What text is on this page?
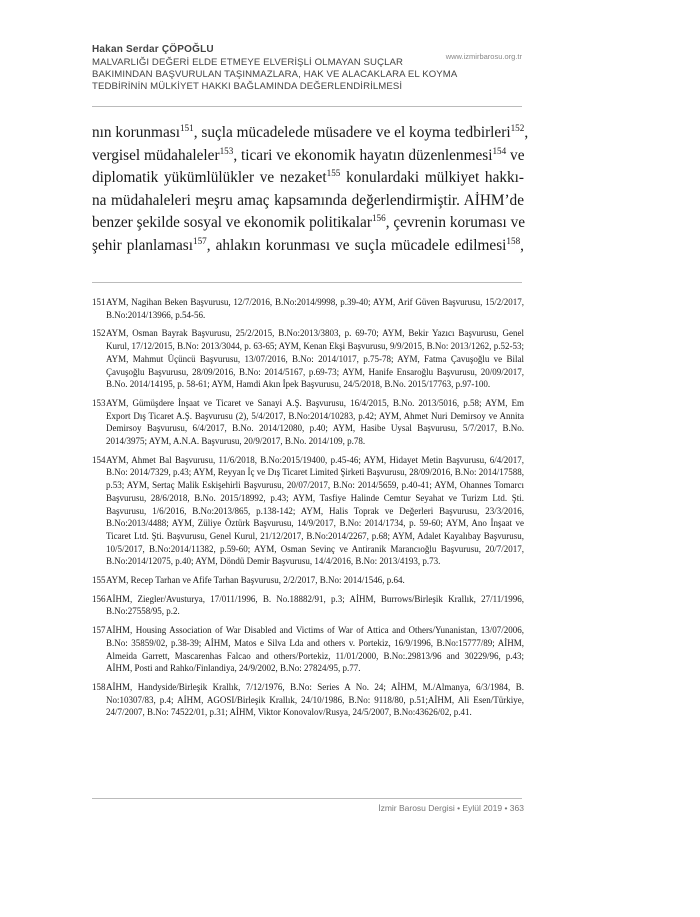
Hakan Serdar ÇÖPOĞLU
www.izmirbarosu.org.tr
MALVARLIĞI DEĞERİ ELDE ETMEYE ELVERİŞLİ OLMAYAN SUÇLAR
BAKIMINDAN BAŞVURULAN TAŞINMAZLARA, HAK VE ALACAKLARA EL KOYMA
TEDBİRİNİN MÜLKİYET HAKKI BAĞLAMINDA DEĞERLENDİRİLMESİ
nın korunması$^{151}$, suçla mücadelede müsadere ve el koyma tedbirleri$^{152}$,
vergisel müdahaleler$^{153}$, ticari ve ekonomik hayatın düzenlenmesi$^{154}$ ve
diplomatik yükümlülükler ve nezaket$^{155}$ konulardaki mülkiyet hakkı-
na müdahaleleri meşru amaç kapsamında değerlendirmiştir. AİHM’de
benzer şekilde sosyal ve ekonomik politikalar$^{156}$, çevrenin koruması ve
şehir planlaması$^{157}$, ahlakın korunması ve suçla mücadele edilmesi$^{158}$,
151 AYM, Nagihan Beken Başvurusu, 12/7/2016, B.No:2014/9998, p.39-40; AYM, Arif Güven Başvurusu, 15/2/2017, B.No:2014/13966, p.54-56.
152 AYM, Osman Bayrak Başvurusu, 25/2/2015, B.No:2013/3803, p. 69-70; AYM, Bekir Yazıcı Başvurusu, Genel Kurul, 17/12/2015, B.No: 2013/3044, p. 63-65; AYM, Kenan Ekşi Başvurusu, 9/9/2015, B.No: 2013/1262, p.52-53; AYM, Mahmut Üçüncü Başvurusu, 13/07/2016, B.No: 2014/1017, p.75-78; AYM, Fatma Çavuşoğlu ve Bilal Çavuşoğlu Başvurusu, 28/09/2016, B.No: 2014/5167, p.69-73; AYM, Hanife Ensaroğlu Başvurusu, 20/09/2017, B.No. 2014/14195, p. 58-61; AYM, Hamdi Akın İpek Başvurusu, 24/5/2018, B.No. 2015/17763, p.97-100.
153 AYM, Gümüşdere İnşaat ve Ticaret ve Sanayi A.Ş. Başvurusu, 16/4/2015, B.No. 2013/5016, p.58; AYM, Em Export Dış Ticaret A.Ş. Başvurusu (2), 5/4/2017, B.No:2014/10283, p.42; AYM, Ahmet Nuri Demirsoy ve Annita Demirsoy Başvurusu, 6/4/2017, B.No. 2014/12080, p.40; AYM, Hasibe Uysal Başvurusu, 5/7/2017, B.No. 2014/3975; AYM, A.N.A. Başvurusu, 20/9/2017, B.No. 2014/109, p.78.
154 AYM, Ahmet Bal Başvurusu, 11/6/2018, B.No:2015/19400, p.45-46; AYM, Hidayet Metin Başvurusu, 6/4/2017, B.No: 2014/7329, p.43; AYM, Reyyan İç ve Dış Ticaret Limited Şirketi Başvurusu, 28/09/2016, B.No: 2014/17588, p.53; AYM, Sertaç Malik Eskişehirli Başvurusu, 20/07/2017, B.No: 2014/5659, p.40-41; AYM, Ohannes Tomarcı Başvurusu, 28/6/2018, B.No. 2015/18992, p.43; AYM, Tasfiye Halinde Cemtur Seyahat ve Turizm Ltd. Şti. Başvurusu, 1/6/2016, B.No:2013/865, p.138-142; AYM, Halis Toprak ve Değerleri Başvurusu, 23/3/2016, B.No:2013/4488; AYM, Züliye Öztürk Başvurusu, 14/9/2017, B.No: 2014/1734, p. 59-60; AYM, Ano İnşaat ve Ticaret Ltd. Şti. Başvurusu, Genel Kurul, 21/12/2017, B.No:2014/2267, p.68; AYM, Adalet Kayalıbay Başvurusu, 10/5/2017, B.No:2014/11382, p.59-60; AYM, Osman Sevinç ve Antiranik Marancıoğlu Başvurusu, 20/7/2017, B.No:2014/12075, p.40; AYM, Döndü Demir Başvurusu, 14/4/2016, B.No: 2013/4193, p.73.
155 AYM, Recep Tarhan ve Afife Tarhan Başvurusu, 2/2/2017, B.No: 2014/1546, p.64.
156 AİHM, Ziegler/Avusturya, 17/011/1996, B. No.18882/91, p.3; AİHM, Burrows/Birleşik Krallık, 27/11/1996, B.No:27558/95, p.2.
157 AİHM, Housing Association of War Disabled and Victims of War of Attica and Others/Yunanistan, 13/07/2006, B.No: 35859/02, p.38-39; AİHM, Matos e Silva Lda and others v. Portekiz, 16/9/1996, B.No:15777/89; AİHM, Almeida Garrett, Mascarenhas Falcao and others/Portekiz, 11/01/2000, B.No:.29813/96 and 30229/96, p.43; AİHM, Posti and Rahko/Finlandiya, 24/9/2002, B.No: 27824/95, p.77.
158 AİHM, Handyside/Birleşik Krallık, 7/12/1976, B.No: Series A No. 24; AİHM, M./Almanya, 6/3/1984, B. No:10307/83, p.4; AİHM, AGOSI/Birleşik Krallık, 24/10/1986, B.No: 9118/80, p.51;AİHM, Ali Esen/Türkiye, 24/7/2007, B.No: 74522/01, p.31; AİHM, Viktor Konovalov/Rusya, 24/5/2007, B.No:43626/02, p.41.
İzmir Barosu Dergisi • Eylül 2019 • 363
